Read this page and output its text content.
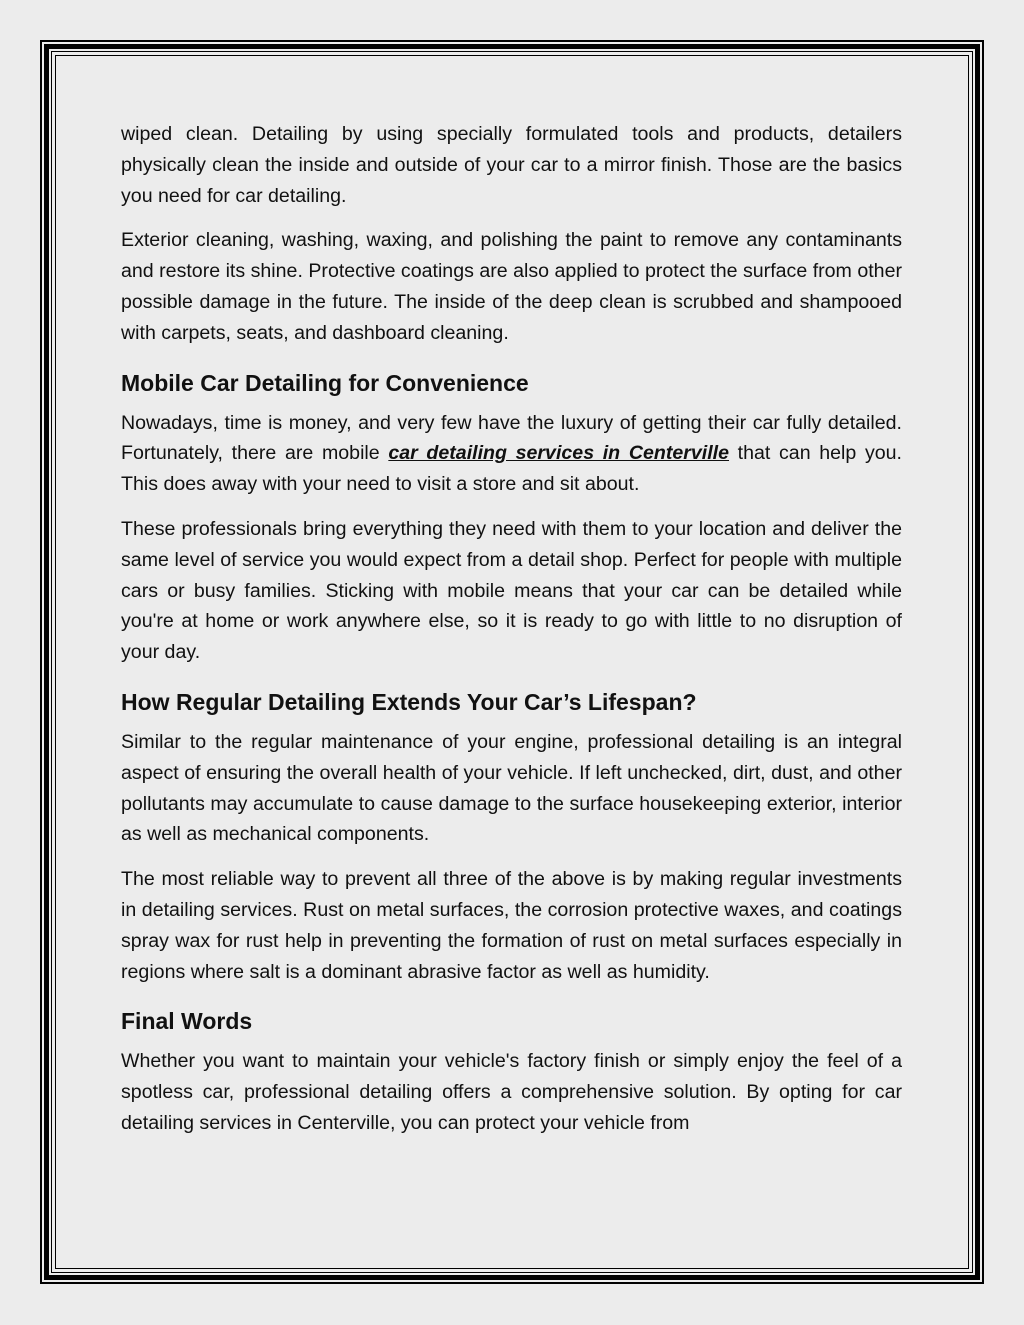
wiped clean. Detailing by using specially formulated tools and products, detailers physically clean the inside and outside of your car to a mirror finish. Those are the basics you need for car detailing.

Exterior cleaning, washing, waxing, and polishing the paint to remove any contaminants and restore its shine. Protective coatings are also applied to protect the surface from other possible damage in the future. The inside of the deep clean is scrubbed and shampooed with carpets, seats, and dashboard cleaning.

Mobile Car Detailing for Convenience

Nowadays, time is money, and very few have the luxury of getting their car fully detailed. Fortunately, there are mobile car detailing services in Centerville that can help you. This does away with your need to visit a store and sit about.

These professionals bring everything they need with them to your location and deliver the same level of service you would expect from a detail shop. Perfect for people with multiple cars or busy families. Sticking with mobile means that your car can be detailed while you're at home or work anywhere else, so it is ready to go with little to no disruption of your day.

How Regular Detailing Extends Your Car’s Lifespan?

Similar to the regular maintenance of your engine, professional detailing is an integral aspect of ensuring the overall health of your vehicle. If left unchecked, dirt, dust, and other pollutants may accumulate to cause damage to the surface housekeeping exterior, interior as well as mechanical components.

The most reliable way to prevent all three of the above is by making regular investments in detailing services. Rust on metal surfaces, the corrosion protective waxes, and coatings spray wax for rust help in preventing the formation of rust on metal surfaces especially in regions where salt is a dominant abrasive factor as well as humidity.

Final Words

Whether you want to maintain your vehicle's factory finish or simply enjoy the feel of a spotless car, professional detailing offers a comprehensive solution. By opting for car detailing services in Centerville, you can protect your vehicle from
